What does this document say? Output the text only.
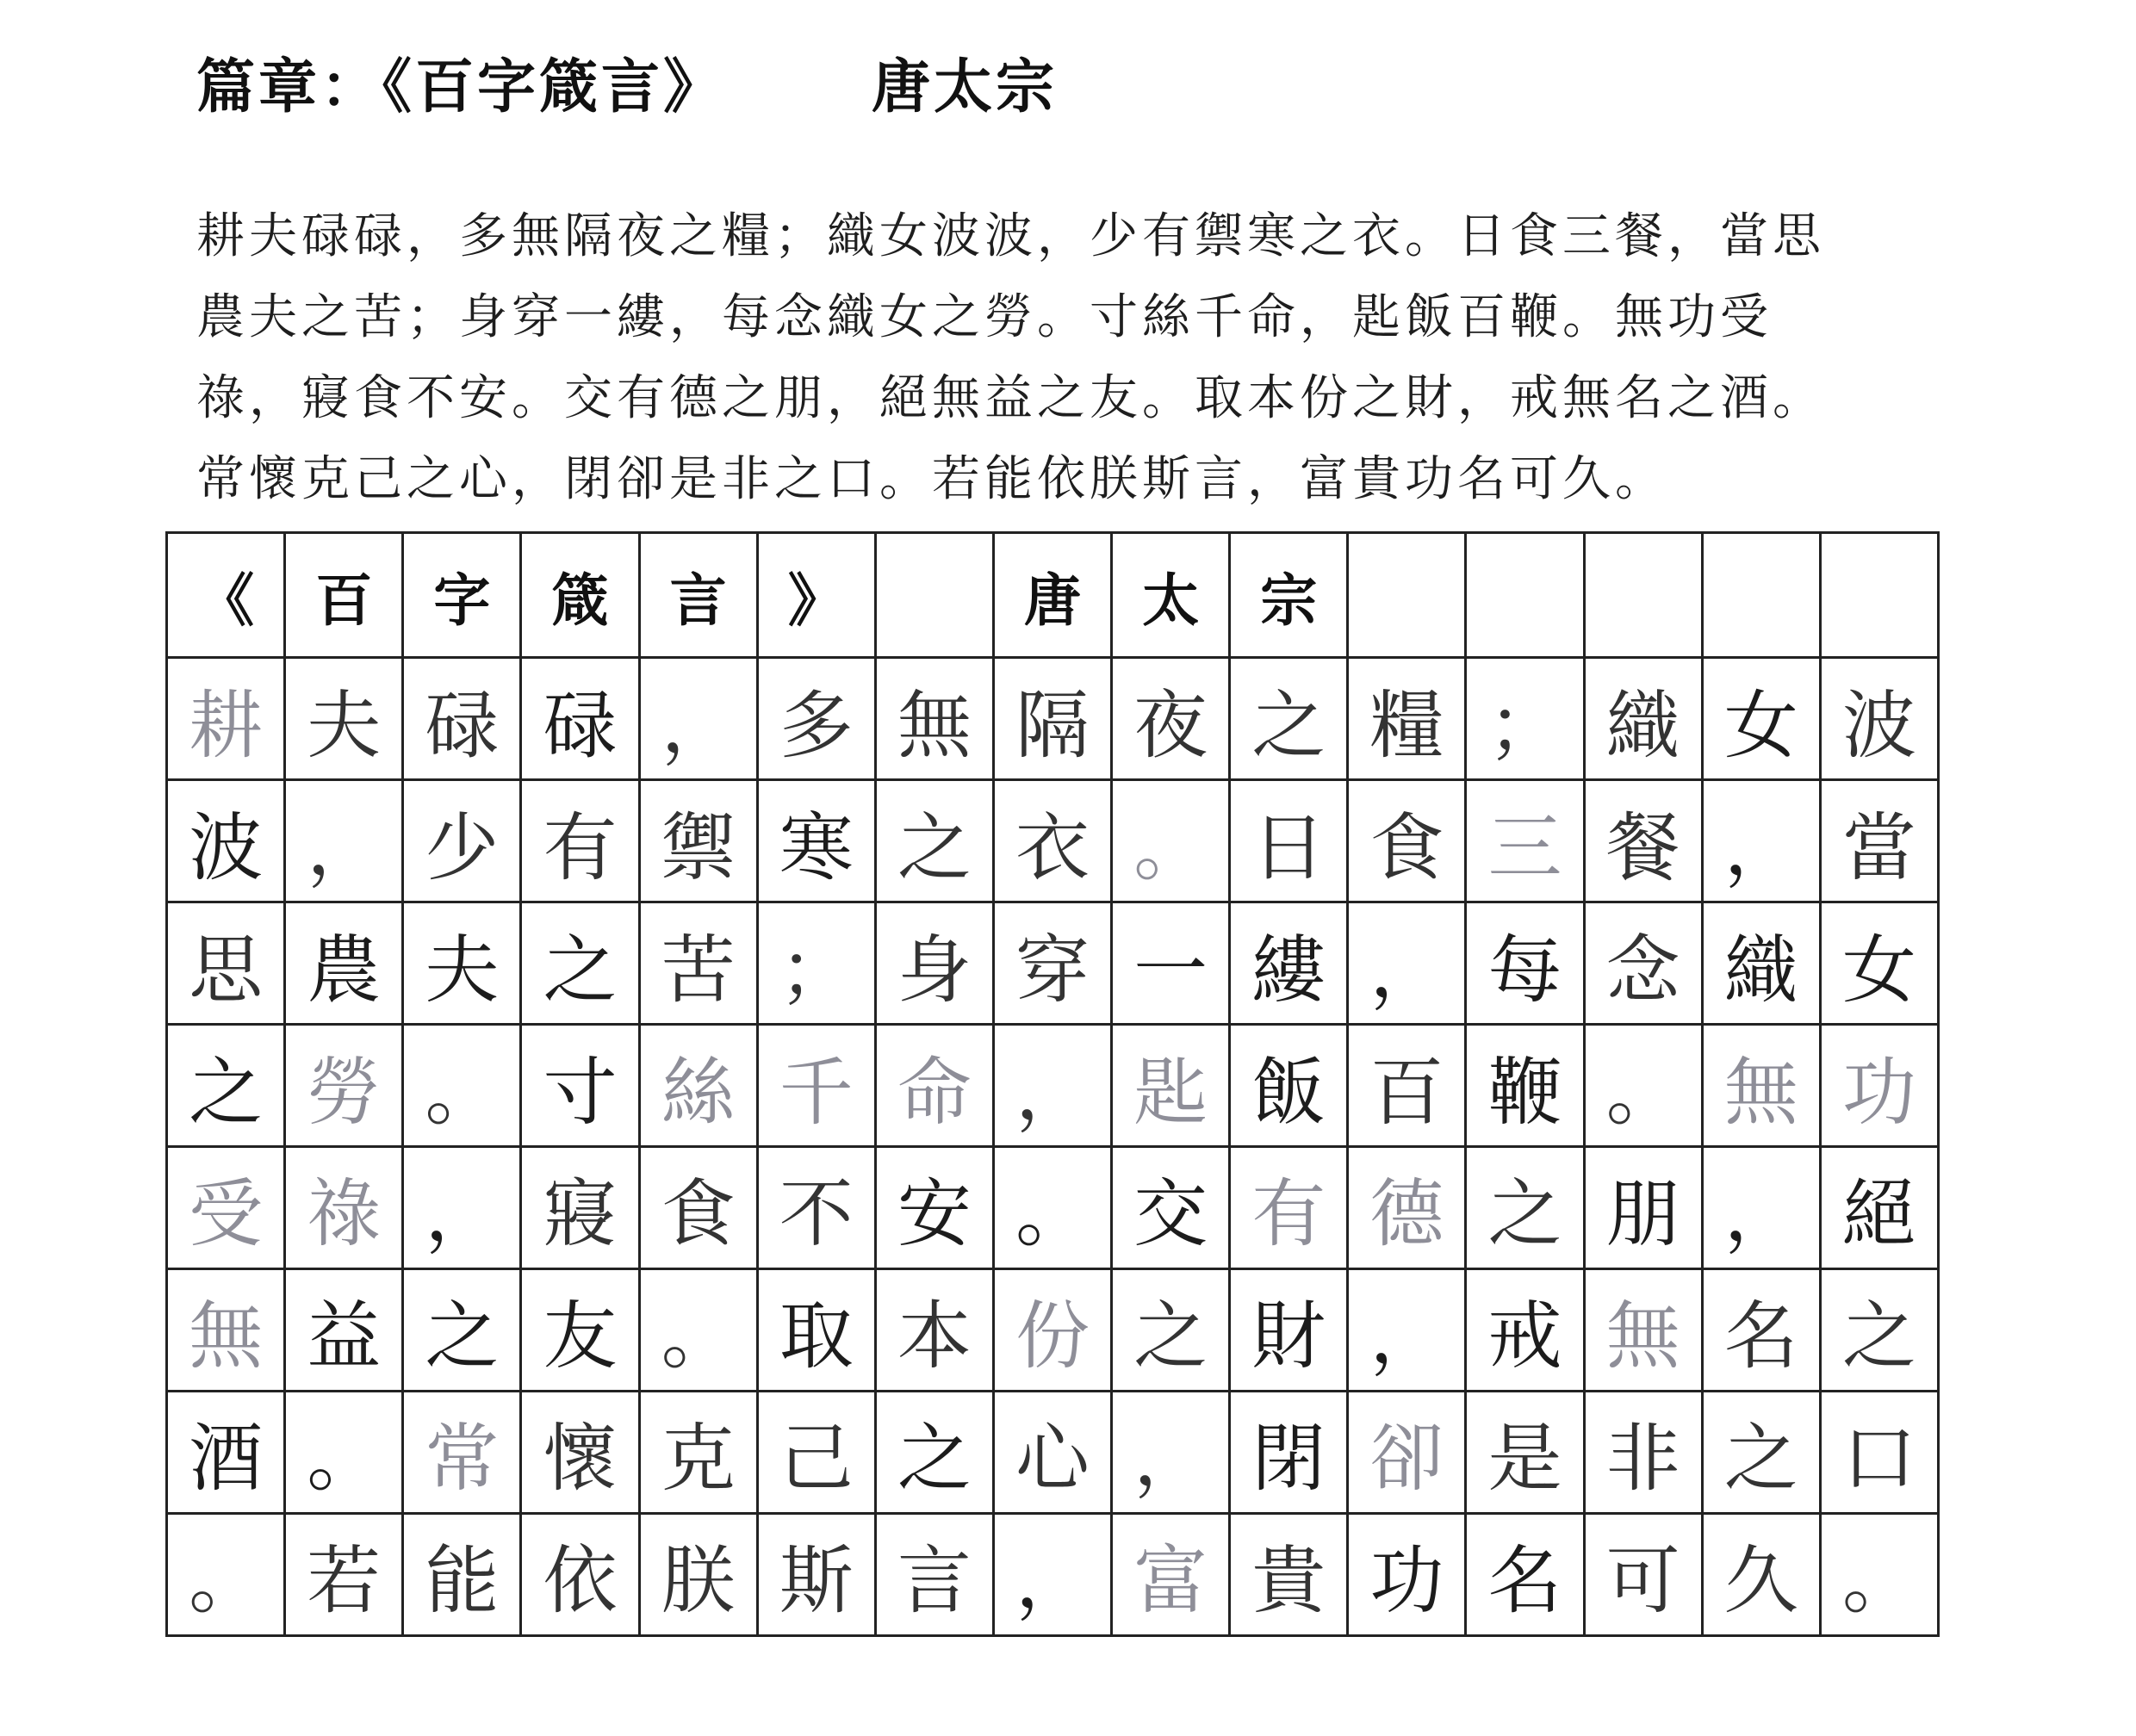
篇章：《百字箴言》	唐太宗
耕夫碌碌，多無隔夜之糧；織女波波，少有禦寒之衣。日食三餐，當思
農夫之苦；身穿一縷，每念織女之勞。寸絲千命，匙飯百鞭。無功受
祿，寢食不安。交有德之朋，絕無益之友。取本份之財，戒無名之酒。
常懷克己之心，閉卻是非之口。若能依朕斯言，富貴功名可久。
《	百	字	箴	言	》		唐	太	宗					
耕	夫	碌	碌	，	多	無	隔	夜	之	糧	；	織	女	波
波	，	少	有	禦	寒	之	衣	。	日	食	三	餐	，	當
思	農	夫	之	苦	；	身	穿	一	縷	，	每	念	織	女
之	勞	。	寸	絲	千	命	，	匙	飯	百	鞭	。	無	功
受	祿	，	寢	食	不	安	。	交	有	德	之	朋	，	絕
無	益	之	友	。	取	本	份	之	財	，	戒	無	名	之
酒	。	常	懷	克	己	之	心	，	閉	卻	是	非	之	口
。	若	能	依	朕	斯	言	，	富	貴	功	名	可	久	。
